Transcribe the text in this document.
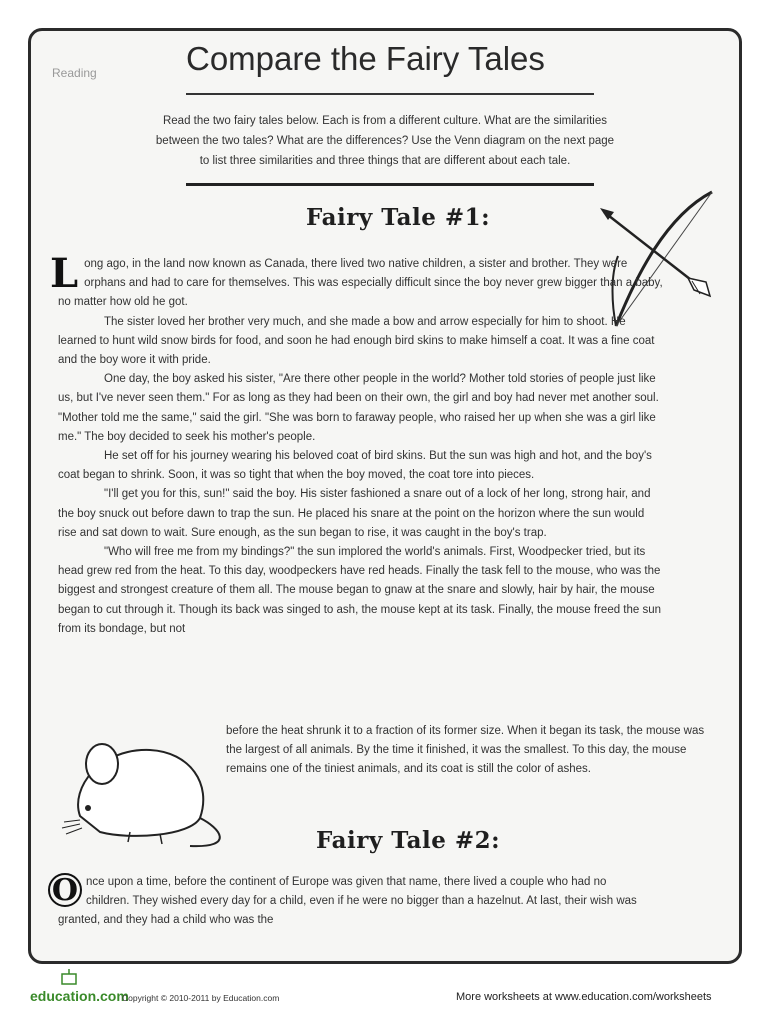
Reading	Compare the Fairy Tales
Read the two fairy tales below. Each is from a different culture. What are the similarities
between the two tales? What are the differences? Use the Venn diagram on the next page
to list three similarities and three things that are different about each tale.
Fairy Tale #1:

Long ago, in the land now known as Canada, there lived two native children, a sister and brother. They were orphans and had to care for themselves. This was especially difficult since the boy never grew bigger than a baby, no matter how old he got.

The sister loved her brother very much, and she made a bow and arrow especially for him to shoot. He learned to hunt wild snow birds for food, and soon he had enough bird skins to make himself a coat. It was a fine coat and the boy wore it with pride.

One day, the boy asked his sister, "Are there other people in the world? Mother told stories of people just like us, but I've never seen them." For as long as they had been on their own, the girl and boy had never met another soul. "Mother told me the same," said the girl. "She was born to faraway people, who raised her up when she was a girl like me." The boy decided to seek his mother's people.

He set off for his journey wearing his beloved coat of bird skins. But the sun was high and hot, and the boy's coat began to shrink. Soon, it was so tight that when the boy moved, the coat tore into pieces.

"I'll get you for this, sun!" said the boy. His sister fashioned a snare out of a lock of her long, strong hair, and the boy snuck out before dawn to trap the sun. He placed his snare at the point on the horizon where the sun would rise and sat down to wait. Sure enough, as the sun began to rise, it was caught in the boy's trap.

"Who will free me from my bindings?" the sun implored the world's animals. First, Woodpecker tried, but its head grew red from the heat. To this day, woodpeckers have red heads. Finally the task fell to the mouse, who was the biggest and strongest creature of them all. The mouse began to gnaw at the snare and slowly, hair by hair, the mouse began to cut through it. Though its back was singed to ash, the mouse kept at its task. Finally, the mouse freed the sun from its bondage, but not

before the heat shrunk it to a fraction of its former size. When it began its task, the mouse was the largest of all animals. By the time it finished, it was the smallest. To this day, the mouse remains one of the tiniest animals, and its coat is still the color of ashes.

Fairy Tale #2:

O nce upon a time, before the continent of Europe was given that name, there lived a couple who had no children. They wished every day for a child, even if he were no bigger than a hazelnut. At last, their wish was granted, and they had a child who was the

education.com
Copyright © 2010-2011 by Education.com	More worksheets at www.education.com/worksheets
